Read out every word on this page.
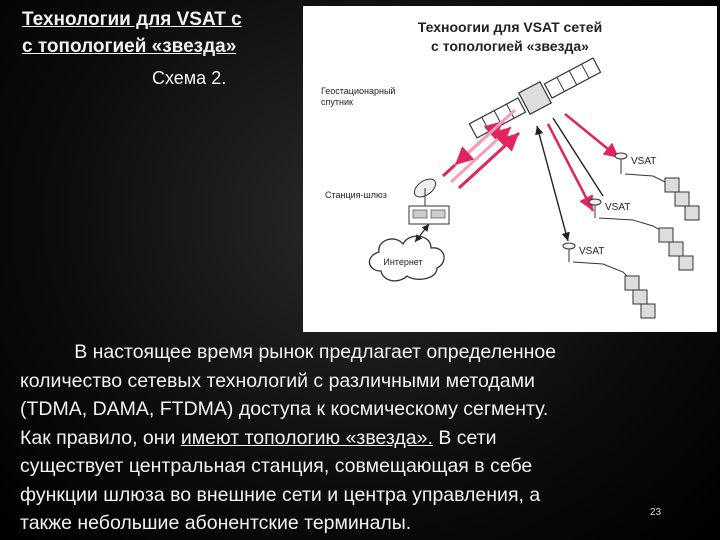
Технологии для VSAT с
с топологией «звезда»
Схема 2.
Техноогии для VSAT сетей
с топологией «звезда»
Геостационарный
спутник
Станция-шлюз
Интернет
VSAT
VSAT
VSAT
В настоящее время рынок предлагает определенное
количество сетевых технологий с различными методами
(TDMA, DAMA, FTDMA) доступа к космическому сегменту.
Как правило, они имеют топологию «звезда». В сети
существует центральная станция, совмещающая в себе
функции шлюза во внешние сети и центра управления, а
также небольшие абонентские терминалы.	23
